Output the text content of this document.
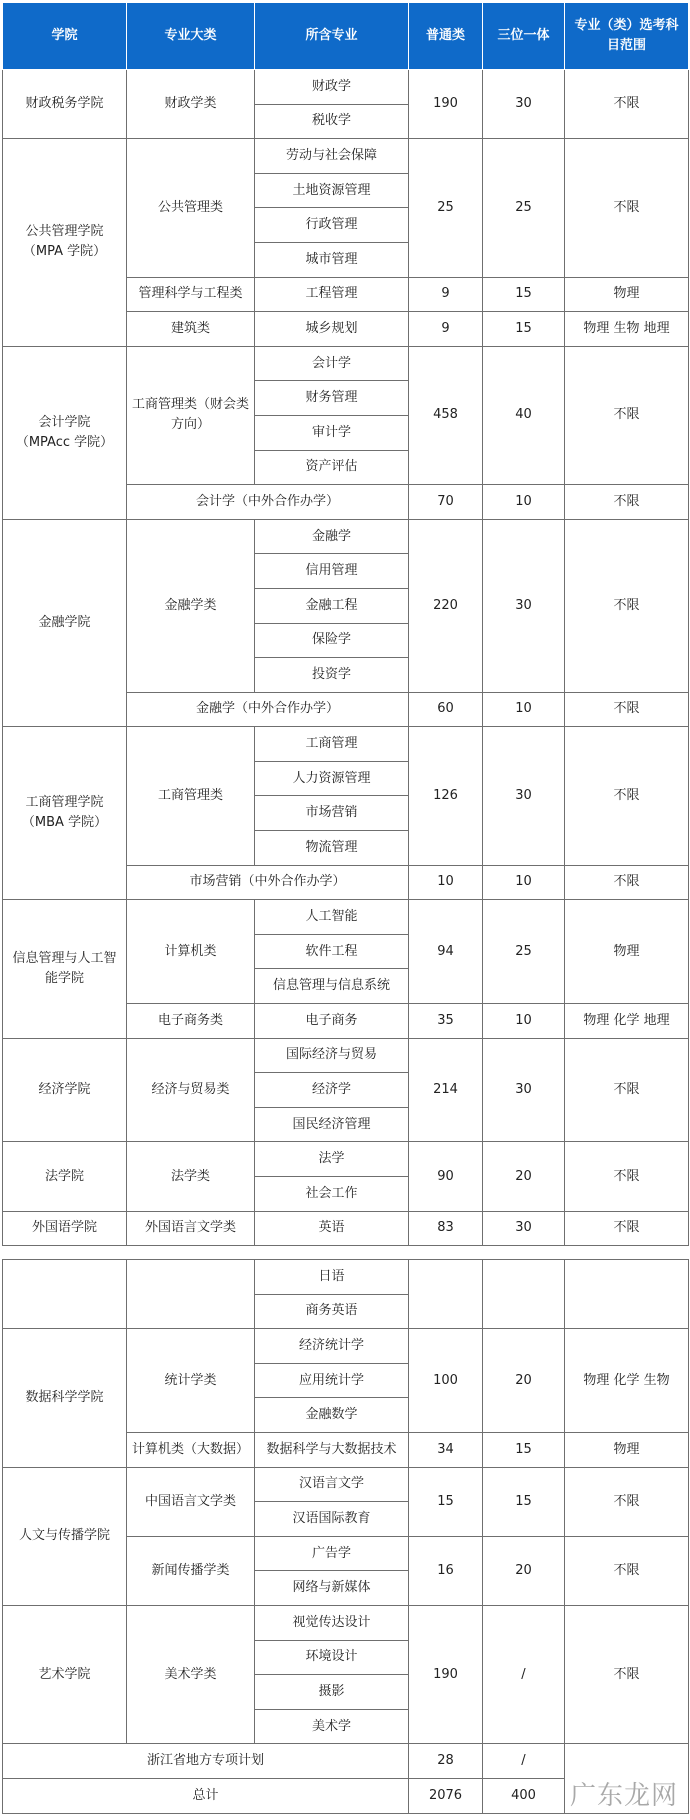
学院	专业大类	所含专业	普通类	三位一体	专业（类）选考科目范围
财政税务学院	财政学类	财政学	190	30	不限
		税收学			

公共管理学院
（MPA 学院）	公共管理类	劳动与社会保障	25	25	不限
		土地资源管理			
		行政管理			
		城市管理			
	管理科学与工程类	工程管理	9	15	物理
	建筑类	城乡规划	9	15	物理 生物 地理

会计学院
（MPAcc 学院）	工商管理类（财会类方向）	会计学	458	40	不限
		财务管理			
		审计学			
		资产评估			
	会计学（中外合作办学）		70	10	不限
金融学院	金融学类	金融学	220	30	不限
		信用管理			
		金融工程			
		保险学			
		投资学			
	金融学（中外合作办学）		60	10	不限

工商管理学院
（MBA 学院）	工商管理类	工商管理	126	30	不限
		人力资源管理			
		市场营销			
		物流管理			
	市场营销（中外合作办学）		10	10	不限
信息管理与人工智能学院	计算机类	人工智能	94	25	物理
		软件工程			
		信息管理与信息系统			
	电子商务类	电子商务	35	10	物理 化学 地理
经济学院	经济与贸易类	国际经济与贸易	214	30	不限
		经济学			
		国民经济管理			
法学院	法学类	法学	90	20	不限
		社会工作			
外国语学院	外国语言文学类	英语	83	30	不限
		日语			
		商务英语			
数据科学学院	统计学类	经济统计学	100	20	物理 化学 生物
		应用统计学			
		金融数学			
	计算机类（大数据）	数据科学与大数据技术	34	15	物理
人文与传播学院	中国语言文学类	汉语言文学	15	15	不限
		汉语国际教育			
	新闻传播学类	广告学	16	20	不限
		网络与新媒体			
艺术学院	美术学类	视觉传达设计	190	/	不限
		环境设计			
		摄影			
		美术学			
浙江省地方专项计划			28	/	
总计			2076	400	广东龙网
